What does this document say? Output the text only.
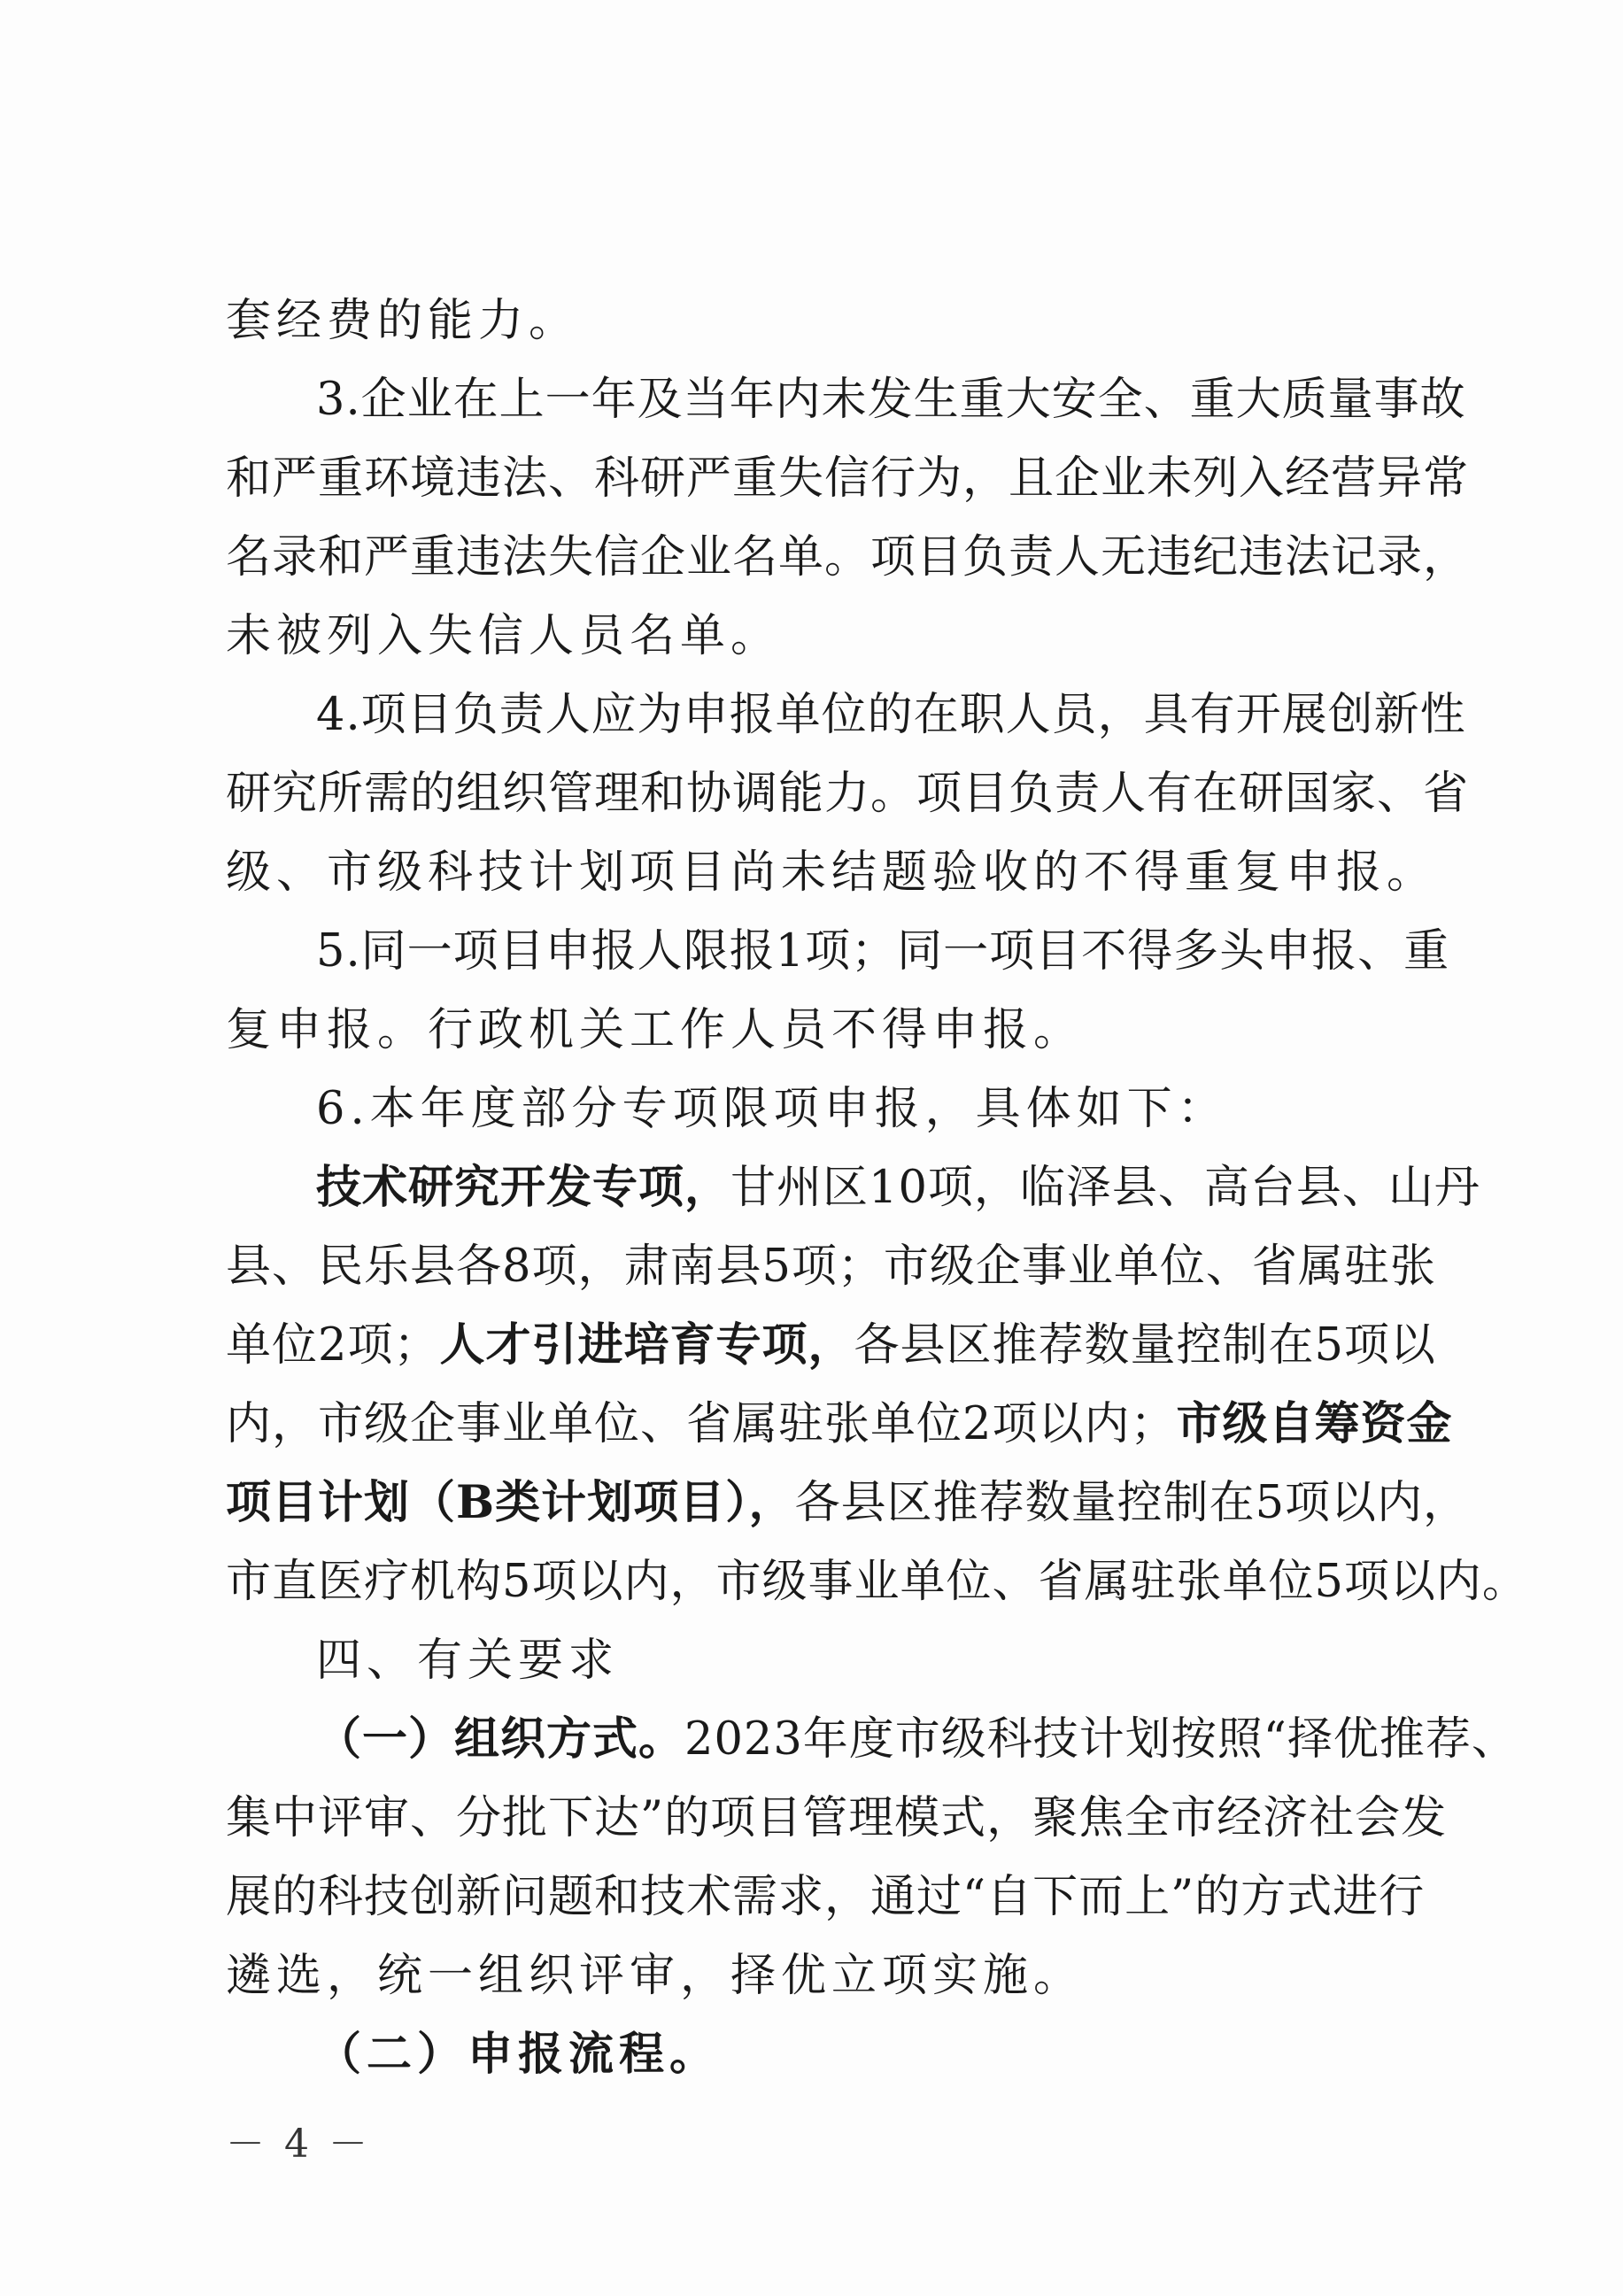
套经费的能力。
3.企业在上一年及当年内未发生重大安全、重大质量事故
和严重环境违法、科研严重失信行为，且企业未列入经营异常
名录和严重违法失信企业名单。项目负责人无违纪违法记录，
未被列入失信人员名单。
4.项目负责人应为申报单位的在职人员，具有开展创新性
研究所需的组织管理和协调能力。项目负责人有在研国家、省
级、市级科技计划项目尚未结题验收的不得重复申报。
5.同一项目申报人限报1项；同一项目不得多头申报、重
复申报。行政机关工作人员不得申报。
6.本年度部分专项限项申报，具体如下：
技术研究开发专项，甘州区10项，临泽县、高台县、山丹
县、民乐县各8项，肃南县5项；市级企事业单位、省属驻张
单位2项；人才引进培育专项，各县区推荐数量控制在5项以
内，市级企事业单位、省属驻张单位2项以内；市级自筹资金
项目计划（B类计划项目），各县区推荐数量控制在5项以内，
市直医疗机构5项以内，市级事业单位、省属驻张单位5项以内。
四、有关要求
（一）组织方式。2023年度市级科技计划按照“择优推荐、
集中评审、分批下达”的项目管理模式，聚焦全市经济社会发
展的科技创新问题和技术需求，通过“自下而上”的方式进行
遴选，统一组织评审，择优立项实施。
（二）申报流程。
－ 4 －
